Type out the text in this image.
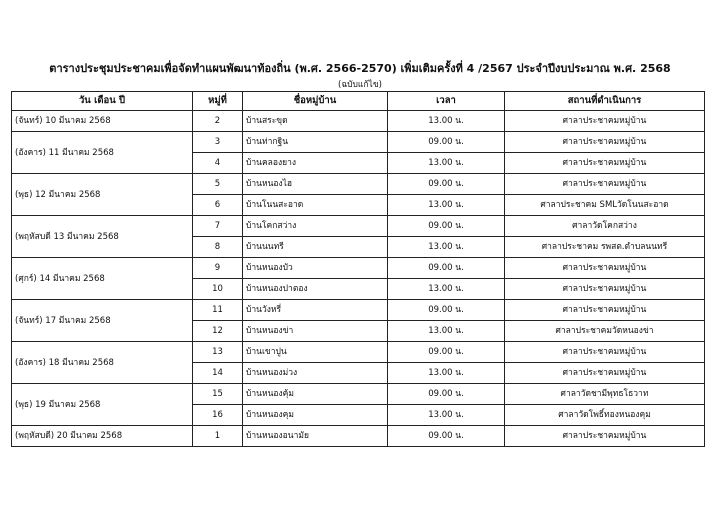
ตารางประชุมประชาคมเพื่อจัดทำแผนพัฒนาท้องถิ่น (พ.ศ. 2566-2570) เพิ่มเติมครั้งที่ 4 /2567 ประจำปีงบประมาณ พ.ศ. 2568
(ฉบับแก้ไข)
วัน เดือน ปี	หมู่ที่	ชื่อหมู่บ้าน	เวลา	สถานที่ดำเนินการ
(จันทร์) 10 มีนาคม 2568	2	บ้านสระขุด	13.00 น.	ศาลาประชาคมหมู่บ้าน
(อังคาร) 11 มีนาคม 2568	3	บ้านท่ากฐิน	09.00 น.	ศาลาประชาคมหมู่บ้าน
	4	บ้านคลองยาง	13.00 น.	ศาลาประชาคมหมู่บ้าน
(พุธ) 12 มีนาคม 2568	5	บ้านหนองไฮ	09.00 น.	ศาลาประชาคมหมู่บ้าน
	6	บ้านโนนสะอาด	13.00 น.	ศาลาประชาคม SMLวัดโนนสะอาด
(พฤหัสบดี 13 มีนาคม 2568	7	บ้านโคกสว่าง	09.00 น.	ศาลาวัดโคกสว่าง
	8	บ้านนนทรี	13.00 น.	ศาลาประชาคม รพสต.ตำบลนนทรี
(ศุกร์) 14 มีนาคม 2568	9	บ้านหนองบัว	09.00 น.	ศาลาประชาคมหมู่บ้าน
	10	บ้านหนองปาตอง	13.00 น.	ศาลาประชาคมหมู่บ้าน
(จันทร์) 17 มีนาคม 2568	11	บ้านวังหรี่	09.00 น.	ศาลาประชาคมหมู่บ้าน
	12	บ้านหนองข่า	13.00 น.	ศาลาประชาคมวัดหนองข่า
(อังคาร) 18 มีนาคม 2568	13	บ้านเขาปูน	09.00 น.	ศาลาประชาคมหมู่บ้าน
	14	บ้านหนองม่วง	13.00 น.	ศาลาประชาคมหมู่บ้าน
(พุธ) 19 มีนาคม 2568	15	บ้านหนองคุ้ม	09.00 น.	ศาลาวัดชามีพุทธโธวาท
	16	บ้านหนองคุม	13.00 น.	ศาลาวัดโพธิ์ทองหนองคุม
(พฤหัสบดี) 20 มีนาคม 2568	1	บ้านหนองอนามัย	09.00 น.	ศาลาประชาคมหมู่บ้าน
